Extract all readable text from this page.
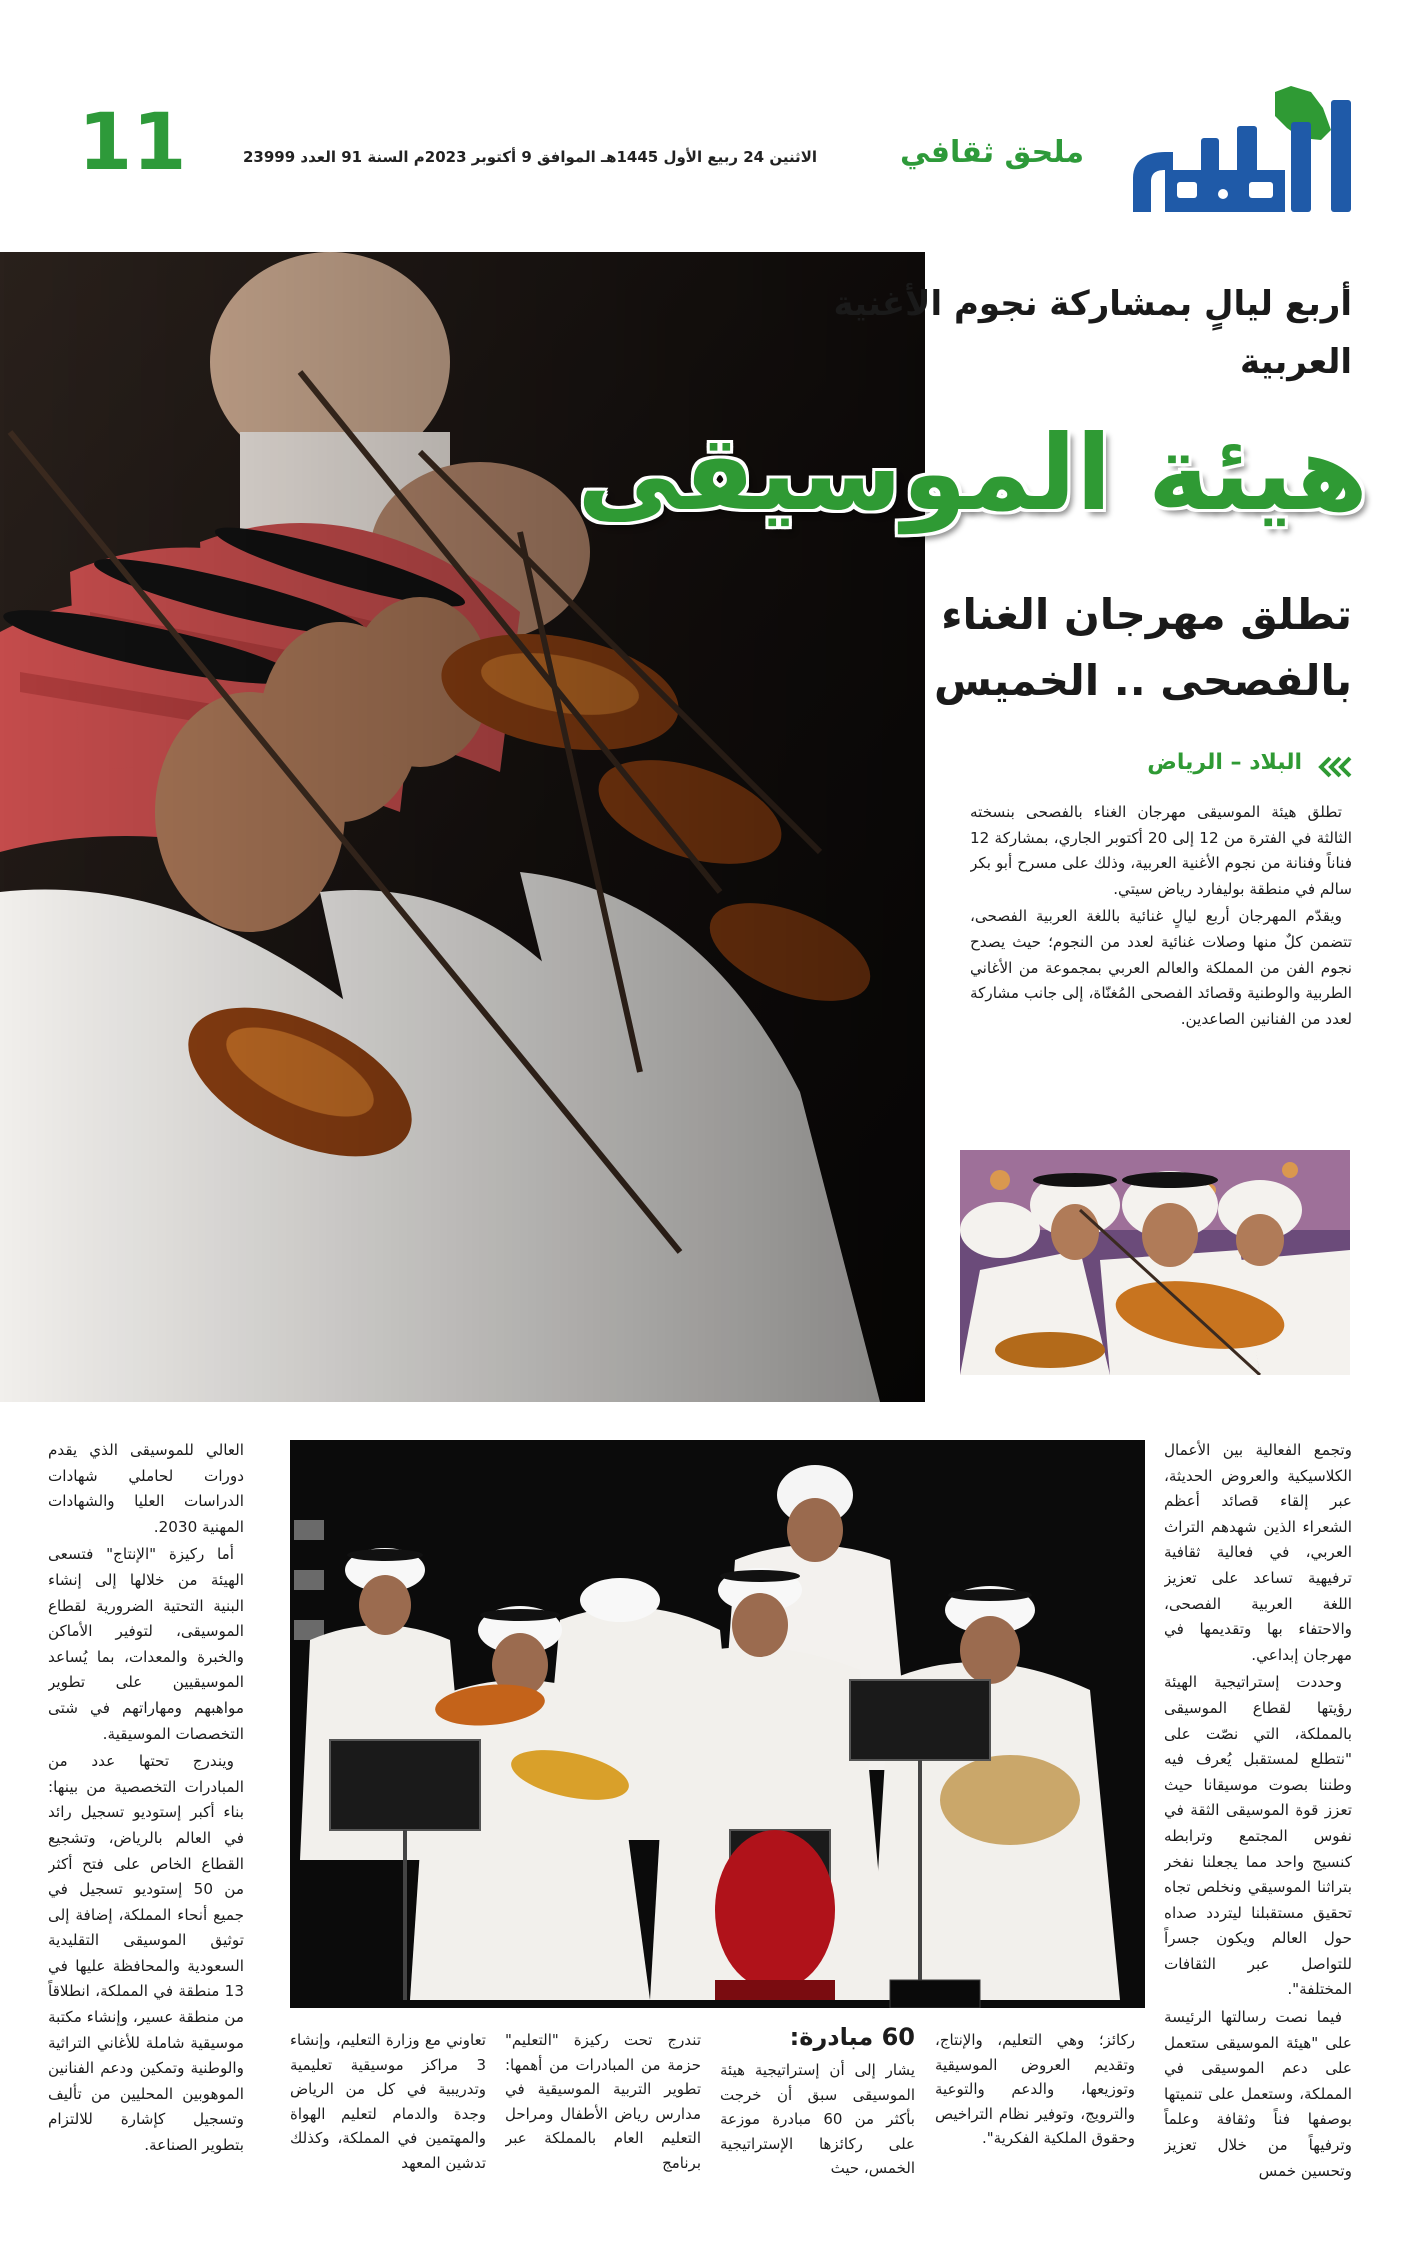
11	الاثنين 24 ربيع الأول 1445هـ الموافق 9 أكتوبر 2023م السنة 91 العدد 23999	ملحق ثقافي
أربع ليالٍ بمشاركة نجوم الأغنية العربية
هيئة الموسيقى
تطلق مهرجان الغناء بالفصحى .. الخميس
البلاد – الرياض

تطلق هيئة الموسيقى مهرجان الغناء بالفصحى بنسخته الثالثة في الفترة من 12 إلى 20 أكتوبر الجاري، بمشاركة 12 فناناً وفنانة من نجوم الأغنية العربية، وذلك على مسرح أبو بكر سالم في منطقة بوليفارد رياض سيتي.

ويقدّم المهرجان أربع ليالٍ غنائية باللغة العربية الفصحى، تتضمن كلٌ منها وصلات غنائية لعدد من النجوم؛ حيث يصدح نجوم الفن من المملكة والعالم العربي بمجموعة من الأغاني الطربية والوطنية وقصائد الفصحى المُغنّاة، إلى جانب مشاركة لعدد من الفنانين الصاعدين.

وتجمع الفعالية بين الأعمال الكلاسيكية والعروض الحديثة، عبر إلقاء قصائد أعظم الشعراء الذين شهدهم التراث العربي، في فعالية ثقافية ترفيهية تساعد على تعزيز اللغة العربية الفصحى، والاحتفاء بها وتقديمها في مهرجان إبداعي.

وحددت إستراتيجية الهيئة رؤيتها لقطاع الموسيقى بالمملكة، التي نصّت على "نتطلع لمستقبل يُعرف فيه وطننا بصوت موسيقانا حيث تعزز قوة الموسيقى الثقة في نفوس المجتمع وترابطه كنسيج واحد مما يجعلنا نفخر بتراثنا الموسيقي ونخلص تجاه تحقيق مستقبلنا ليتردد صداه حول العالم ويكون جسراً للتواصل عبر الثقافات المختلفة".

فيما نصت رسالتها الرئيسة على "هيئة الموسيقى ستعمل على دعم الموسيقى في المملكة، وستعمل على تنميتها بوصفها فناً وثقافة وعلماً وترفيهاً من خلال تعزيز وتحسين خمس

العالي للموسيقى الذي يقدم دورات لحاملي شهادات الدراسات العليا والشهادات المهنية 2030.

أما ركيزة "الإنتاج" فتسعى الهيئة من خلالها إلى إنشاء البنية التحتية الضرورية لقطاع الموسيقى، لتوفير الأماكن والخبرة والمعدات، بما يُساعد الموسيقيين على تطوير مواهبهم ومهاراتهم في شتى التخصصات الموسيقية.

ويندرج تحتها عدد من المبادرات التخصصية من بينها: بناء أكبر إستوديو تسجيل رائد في العالم بالرياض، وتشجيع القطاع الخاص على فتح أكثر من 50 إستوديو تسجيل في جميع أنحاء المملكة، إضافة إلى توثيق الموسيقى التقليدية السعودية والمحافظة عليها في 13 منطقة في المملكة، انطلاقاً من منطقة عسير، وإنشاء مكتبة موسيقية شاملة للأغاني التراثية والوطنية وتمكين ودعم الفنانين الموهوبين المحليين من تأليف وتسجيل كإشارة للالتزام بتطوير الصناعة.

ركائز؛ وهي التعليم، والإنتاج، وتقديم العروض الموسيقية وتوزيعها، والدعم والتوعية والترويج، وتوفير نظام التراخيص وحقوق الملكية الفكرية".
60 مبادرة:
يشار إلى أن إستراتيجية هيئة الموسيقى سبق أن خرجت بأكثر من 60 مبادرة موزعة على ركائزها الإستراتيجية الخمس، حيث
تندرج تحت ركيزة "التعليم" حزمة من المبادرات من أهمها: تطوير التربية الموسيقية في مدارس رياض الأطفال ومراحل التعليم العام بالمملكة عبر برنامج
تعاوني مع وزارة التعليم، وإنشاء 3 مراكز موسيقية تعليمية وتدريبية في كل من الرياض وجدة والدمام لتعليم الهواة والمهتمين في المملكة، وكذلك تدشين المعهد
